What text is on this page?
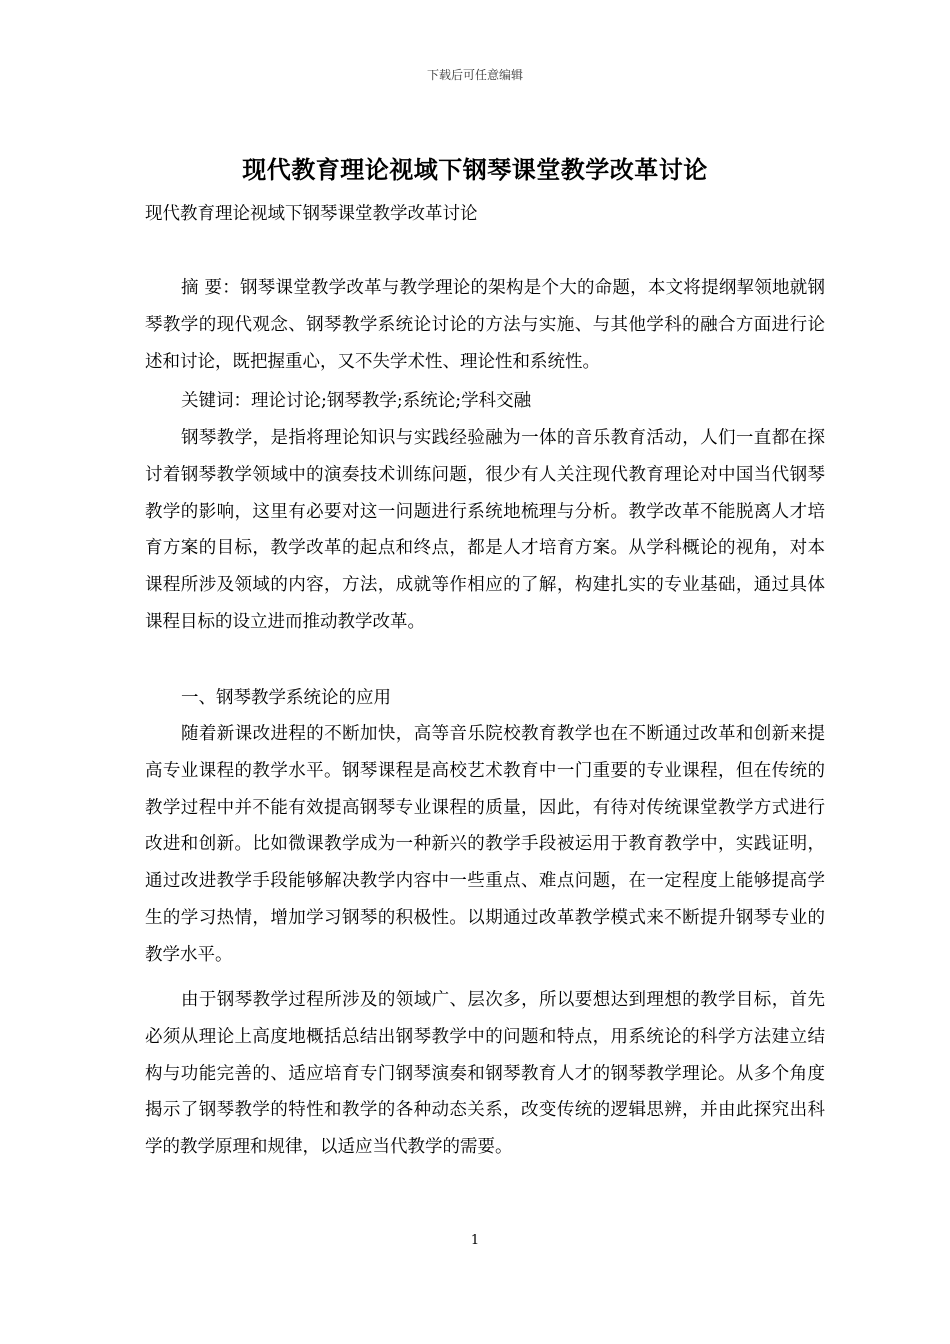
下载后可任意编辑
现代教育理论视域下钢琴课堂教学改革讨论
现代教育理论视域下钢琴课堂教学改革讨论

摘 要：钢琴课堂教学改革与教学理论的架构是个大的命题，本文将提纲挈领地就钢琴教学的现代观念、钢琴教学系统论讨论的方法与实施、与其他学科的融合方面进行论述和讨论，既把握重心，又不失学术性、理论性和系统性。

关键词：理论讨论;钢琴教学;系统论;学科交融

钢琴教学，是指将理论知识与实践经验融为一体的音乐教育活动，人们一直都在探讨着钢琴教学领域中的演奏技术训练问题，很少有人关注现代教育理论对中国当代钢琴教学的影响，这里有必要对这一问题进行系统地梳理与分析。教学改革不能脱离人才培育方案的目标，教学改革的起点和终点，都是人才培育方案。从学科概论的视角，对本课程所涉及领域的内容，方法，成就等作相应的了解，构建扎实的专业基础，通过具体课程目标的设立进而推动教学改革。

一、钢琴教学系统论的应用

随着新课改进程的不断加快，高等音乐院校教育教学也在不断通过改革和创新来提高专业课程的教学水平。钢琴课程是高校艺术教育中一门重要的专业课程，但在传统的教学过程中并不能有效提高钢琴专业课程的质量，因此，有待对传统课堂教学方式进行改进和创新。比如微课教学成为一种新兴的教学手段被运用于教育教学中，实践证明，通过改进教学手段能够解决教学内容中一些重点、难点问题，在一定程度上能够提高学生的学习热情，增加学习钢琴的积极性。以期通过改革教学模式来不断提升钢琴专业的教学水平。

由于钢琴教学过程所涉及的领域广、层次多，所以要想达到理想的教学目标，首先必须从理论上高度地概括总结出钢琴教学中的问题和特点，用系统论的科学方法建立结构与功能完善的、适应培育专门钢琴演奏和钢琴教育人才的钢琴教学理论。从多个角度揭示了钢琴教学的特性和教学的各种动态关系，改变传统的逻辑思辨，并由此探究出科学的教学原理和规律，以适应当代教学的需要。

1
